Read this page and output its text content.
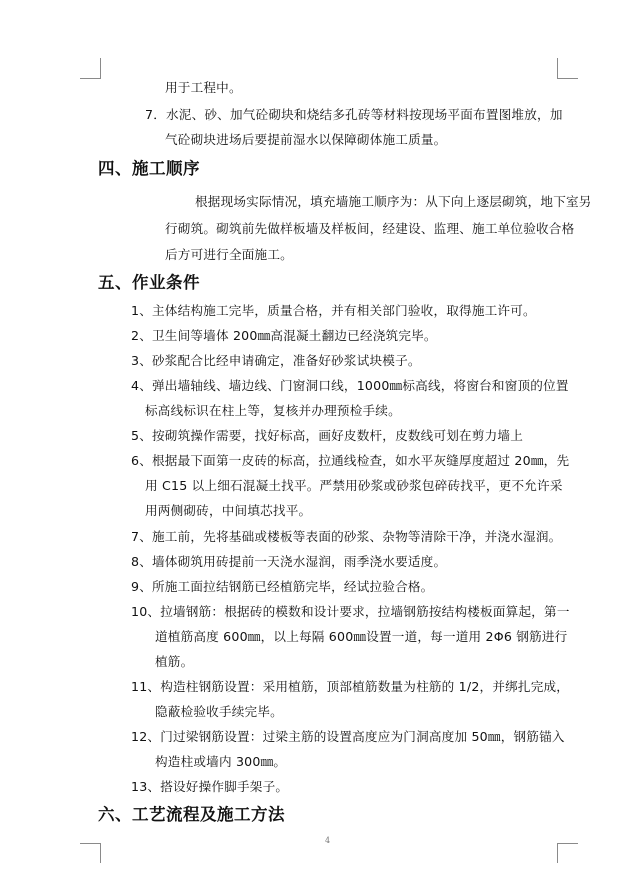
用于工程中。
7．水泥、砂、加气砼砌块和烧结多孔砖等材料按现场平面布置图堆放，加
气砼砌块进场后要提前湿水以保障砌体施工质量。
四、施工顺序
根据现场实际情况，填充墙施工顺序为：从下向上逐层砌筑，地下室另
行砌筑。砌筑前先做样板墙及样板间，经建设、监理、施工单位验收合格
后方可进行全面施工。
五、作业条件
1、主体结构施工完毕，质量合格，并有相关部门验收，取得施工许可。
2、卫生间等墙体 200㎜高混凝土翻边已经浇筑完毕。
3、砂浆配合比经申请确定，准备好砂浆试块模子。
4、弹出墙轴线、墙边线、门窗洞口线，1000㎜标高线，将窗台和窗顶的位置
标高线标识在柱上等，复核并办理预检手续。
5、按砌筑操作需要，找好标高，画好皮数杆，皮数线可划在剪力墙上
6、根据最下面第一皮砖的标高，拉通线检查，如水平灰缝厚度超过 20㎜，先
用 C15 以上细石混凝土找平。严禁用砂浆或砂浆包碎砖找平，更不允许采
用两侧砌砖，中间填芯找平。
7、施工前，先将基础或楼板等表面的砂浆、杂物等清除干净，并浇水湿润。
8、墙体砌筑用砖提前一天浇水湿润，雨季浇水要适度。
9、所施工面拉结钢筋已经植筋完毕，经试拉验合格。
10、拉墙钢筋：根据砖的模数和设计要求，拉墙钢筋按结构楼板面算起，第一
道植筋高度 600㎜，以上每隔 600㎜设置一道，每一道用 2Φ6 钢筋进行
植筋。
11、构造柱钢筋设置：采用植筋，顶部植筋数量为柱筋的 1/2，并绑扎完成，
隐蔽检验收手续完毕。
12、门过梁钢筋设置：过梁主筋的设置高度应为门洞高度加 50㎜，钢筋锚入
构造柱或墙内 300㎜。
13、搭设好操作脚手架子。
六、工艺流程及施工方法
4
